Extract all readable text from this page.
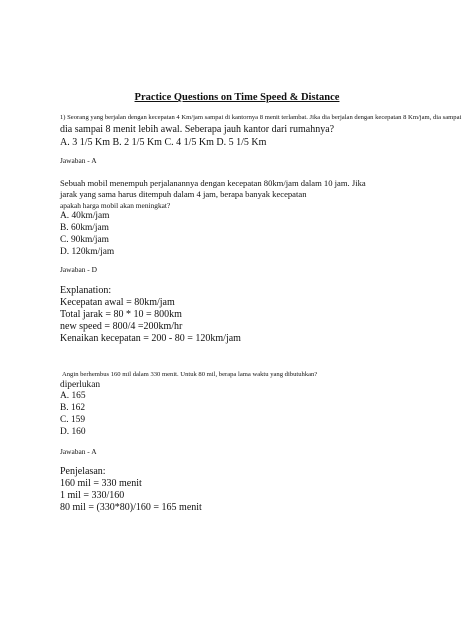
Practice Questions on Time Speed & Distance

1) Seorang yang berjalan dengan kecepatan 4 Km/jam sampai di kantornya 8 menit terlambat. Jika dia berjalan dengan kecepatan 8 Km/jam, dia sampai

dia sampai 8 menit lebih awal. Seberapa jauh kantor dari rumahnya?

A. 3 1/5 Km B. 2 1/5 Km C. 4 1/5 Km D. 5 1/5 Km

Jawaban - A

Sebuah mobil menempuh perjalanannya dengan kecepatan 80km/jam dalam 10 jam. Jika

jarak yang sama harus ditempuh dalam 4 jam, berapa banyak kecepatan

apakah harga mobil akan meningkat?

A. 40km/jam

B. 60km/jam

C. 90km/jam

D. 120km/jam

Jawaban - D

Explanation:

Kecepatan awal = 80km/jam

Total jarak = 80 * 10 = 800km

new speed = 800/4 =200km/hr

Kenaikan kecepatan = 200 - 80 = 120km/jam

Angin berhembus 160 mil dalam 330 menit. Untuk 80 mil, berapa lama waktu yang dibutuhkan?

diperlukan

A. 165

B. 162

C. 159

D. 160

Jawaban - A

Penjelasan:

160 mil = 330 menit

1 mil = 330/160

80 mil = (330*80)/160 = 165 menit
